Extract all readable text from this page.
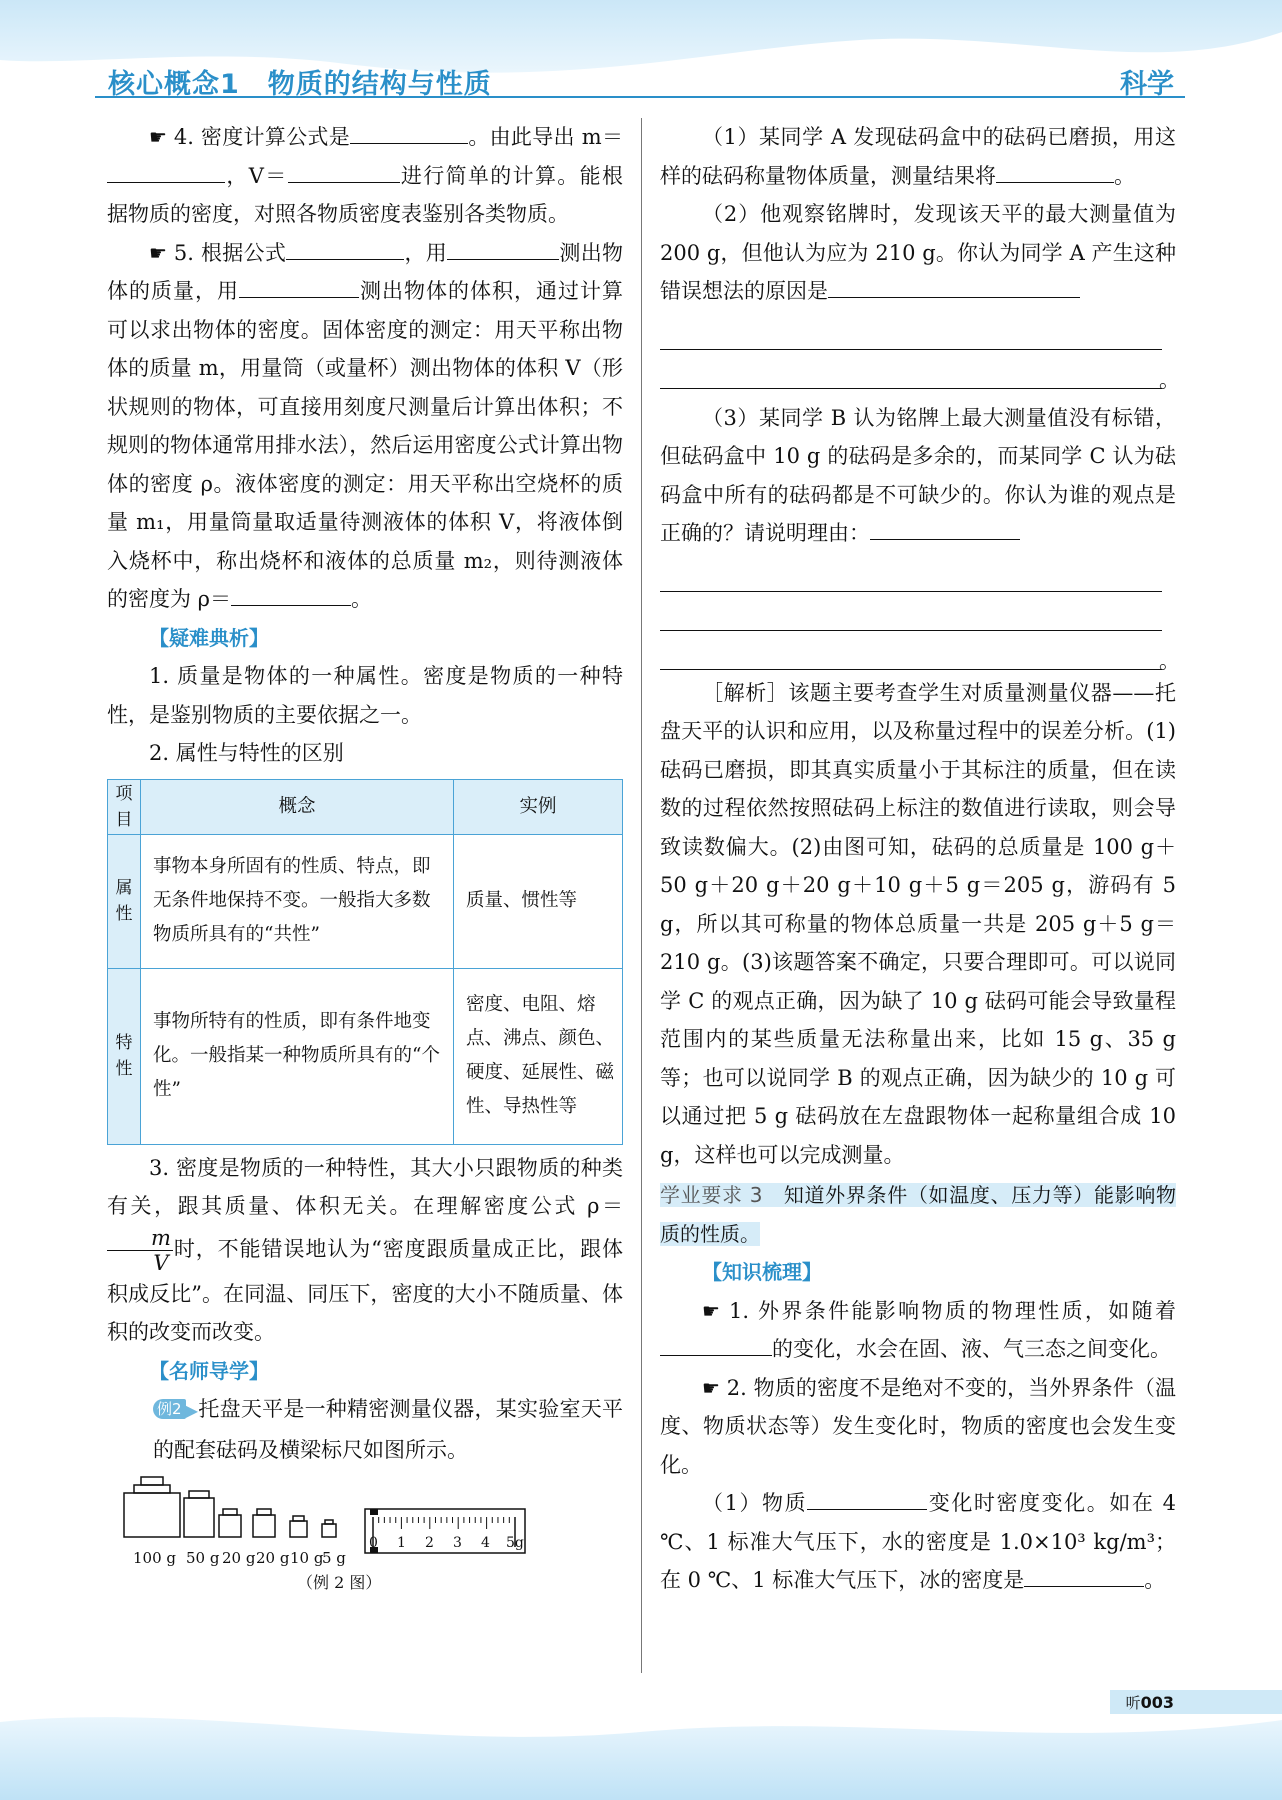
核心概念1　物质的结构与性质	科学

☛ 4. 密度计算公式是	。由此导出 m＝，V＝	进行简单的计算。能根据物质的密度，对照各物质密度表鉴别各类物质。

☛ 5. 根据公式	，用	测出物体的质量，用	测出物体的体积，通过计算可以求出物体的密度。固体密度的测定：用天平称出物体的质量 m，用量筒（或量杯）测出物体的体积 V（形状规则的物体，可直接用刻度尺测量后计算出体积；不规则的物体通常用排水法），然后运用密度公式计算出物体的密度 ρ。液体密度的测定：用天平称出空烧杯的质量 m₁，用量筒量取适量待测液体的体积 V，将液体倒入烧杯中，称出烧杯和液体的总质量 m₂，则待测液体的密度为 ρ＝	。

【疑难典析】

1. 质量是物体的一种属性。密度是物质的一种特性，是鉴别物质的主要依据之一。

2. 属性与特性的区别

项目	概念	实例
属性	事物本身所固有的性质、特点，即无条件地保持不变。一般指大多数物质所具有的“共性”	质量、惯性等
特性	事物所特有的性质，即有条件地变化。一般指某一种物质所具有的“个性”	密度、电阻、熔点、沸点、颜色、硬度、延展性、磁性、导热性等

3. 密度是物质的一种特性，其大小只跟物质的种类有关，跟其质量、体积无关。在理解密度公式 ρ＝
$\frac{m}{V}$ 时，不能错误地认为“密度跟质量成正比，跟体积成反比”。在同温、同压下，密度的大小不随质量、体积的改变而改变。

【名师导学】

例2 ▶托盘天平是一种精密测量仪器，某实验室天平的配套砝码及横梁标尺如图所示。

100 g 50 g 20 g 20 g 10 g
5 g
0 1 2 3 4 5g
（例 2 图）

（1）某同学 A 发现砝码盒中的砝码已磨损，用这样的砝码称量物体质量，测量结果将	。

（2）他观察铭牌时，发现该天平的最大测量值为 200 g，但他认为应为 210 g。你认为同学 A 产生这种错误想法的原因是

。

（3）某同学 B 认为铭牌上最大测量值没有标错，但砝码盒中 10 g 的砝码是多余的，而某同学 C 认为砝码盒中所有的砝码都是不可缺少的。你认为谁的观点是正确的？请说明理由：

。

［解析］该题主要考查学生对质量测量仪器——托盘天平的认识和应用，以及称量过程中的误差分析。(1)砝码已磨损，即其真实质量小于其标注的质量，但在读数的过程依然按照砝码上标注的数值进行读取，则会导致读数偏大。(2)由图可知，砝码的总质量是 100 g＋50 g＋20 g＋20 g＋10 g＋5 g＝205 g，游码有 5 g，所以其可称量的物体总质量一共是 205 g＋5 g＝210 g。(3)该题答案不确定，只要合理即可。可以说同学 C 的观点正确，因为缺了 10 g 砝码可能会导致量程范围内的某些质量无法称量出来，比如 15 g、35 g 等；也可以说同学 B 的观点正确，因为缺少的 10 g 可以通过把 5 g 砝码放在左盘跟物体一起称量组合成 10 g，这样也可以完成测量。

学业要求 3　 知道外界条件（如温度、压力等）能影响物质的性质。

【知识梳理】

☛ 1. 外界条件能影响物质的物理性质，如随着的变化，水会在固、液、气三态之间变化。

☛ 2. 物质的密度不是绝对不变的，当外界条件（温度、物质状态等）发生变化时，物质的密度也会发生变化。

（1）物质	变化时密度变化。如在 4 ℃、1 标准大气压下，水的密度是 1.0×10³ kg/m³；在 0 ℃、1 标准大气压下，冰的密度是	。

听003
